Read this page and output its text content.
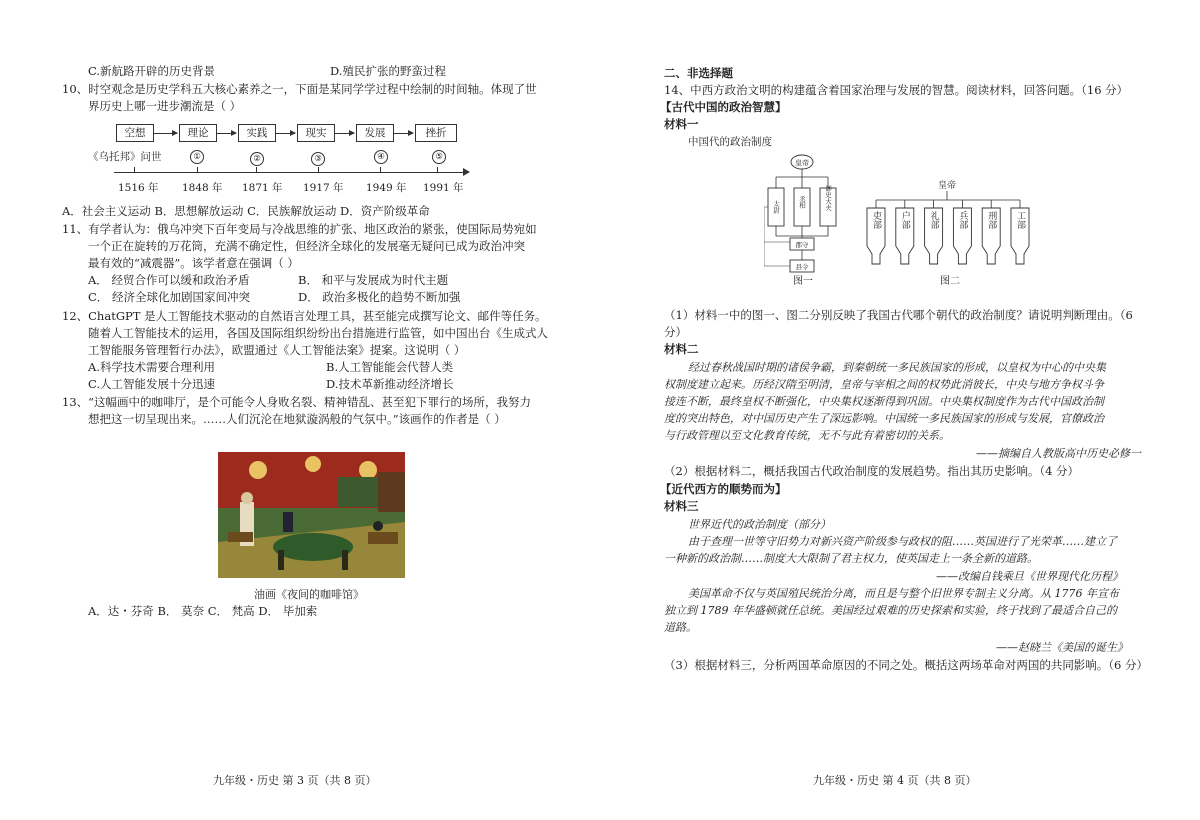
C.新航路开辟的历史背景	D.殖民扩张的野蛮过程
10、时空观念是历史学科五大核心素养之一，下面是某同学学过程中绘制的时间轴。体现了世
界历史上哪一进步潮流是（ ）
空想	理论	实践	现实	发展	挫折
《乌托邦》问世	①	②	③	④	⑤
1516 年 1848 年 1871 年 1917 年 1949 年 1991 年
A．社会主义运动 B．思想解放运动 C．民族解放运动 D．资产阶级革命
11、有学者认为：俄乌冲突下百年变局与冷战思维的扩张、地区政治的紧张，使国际局势宛如
一个正在旋转的万花筒，充满不确定性，但经济全球化的发展毫无疑问已成为政治冲突
最有效的“减震器”。该学者意在强调（ ）
A． 经贸合作可以缓和政治矛盾	B． 和平与发展成为时代主题
C． 经济全球化加剧国家间冲突	D． 政治多极化的趋势不断加强
12、ChatGPT 是人工智能技术驱动的自然语言处理工具，甚至能完成撰写论文、邮件等任务。
随着人工智能技术的运用，各国及国际组织纷纷出台措施进行监管，如中国出台《生成式人
工智能服务管理暂行办法》，欧盟通过《人工智能法案》提案。这说明（ ）
A.科学技术需要合理利用	B.人工智能能会代替人类
C.人工智能发展十分迅速	D.技术革新推动经济增长
13、“这幅画中的咖啡厅，是个可能令人身败名裂、精神错乱、甚至犯下罪行的场所，我努力
想把这一切呈现出来。……人们沉沦在地狱漩涡般的气氛中。”该画作的作者是（ ）
油画《夜间的咖啡馆》
A．达・芬奇 B． 莫奈 C． 梵高 D． 毕加索
九年级・历史 第 3 页（共 8 页）
二、非选择题
14、中西方政治文明的构建蕴含着国家治理与发展的智慧。阅读材料，回答问题。（16 分）
【古代中国的政治智慧】
材料一
中国代的政治制度
皇帝
太尉	丞相	御史大夫
郡守
县令
图一
皇帝
吏部 户部 礼部 兵部 刑部 工部
图二
（1）材料一中的图一、图二分别反映了我国古代哪个朝代的政治制度？请说明判断理由。（6
分）
材料二
经过春秋战国时期的诸侯争霸，到秦朝统一多民族国家的形成，以皇权为中心的中央集
权制度建立起来。历经汉隋至明清，皇帝与宰相之间的权势此消彼长，中央与地方争权斗争
接连不断，最终皇权不断强化，中央集权逐渐得到巩固。中央集权制度作为古代中国政治制
度的突出特色，对中国历史产生了深远影响。中国统一多民族国家的形成与发展，官僚政治
与行政管理以至文化教育传统，无不与此有着密切的关系。
——摘编自人教版高中历史必修一
（2）根据材料二，概括我国古代政治制度的发展趋势。指出其历史影响。（4 分）
【近代西方的顺势而为】
材料三
世界近代的政治制度（部分）
由于查理一世等守旧势力对新兴资产阶级参与政权的阻……英国进行了光荣革……建立了
一种新的政治制……制度大大限制了君主权力，使英国走上一条全新的道路。
——改编自钱乘旦《世界现代化历程》
美国革命不仅与英国殖民统治分离，而且是与整个旧世界专制主义分离。从 1776 年宣布
独立到 1789 年华盛顿就任总统。美国经过艰难的历史探索和实验，终于找到了最适合自己的
道路。
——赵晓兰《美国的诞生》
（3）根据材料三，分析两国革命原因的不同之处。概括这两场革命对两国的共同影响。（6 分）
九年级・历史 第 4 页（共 8 页）
